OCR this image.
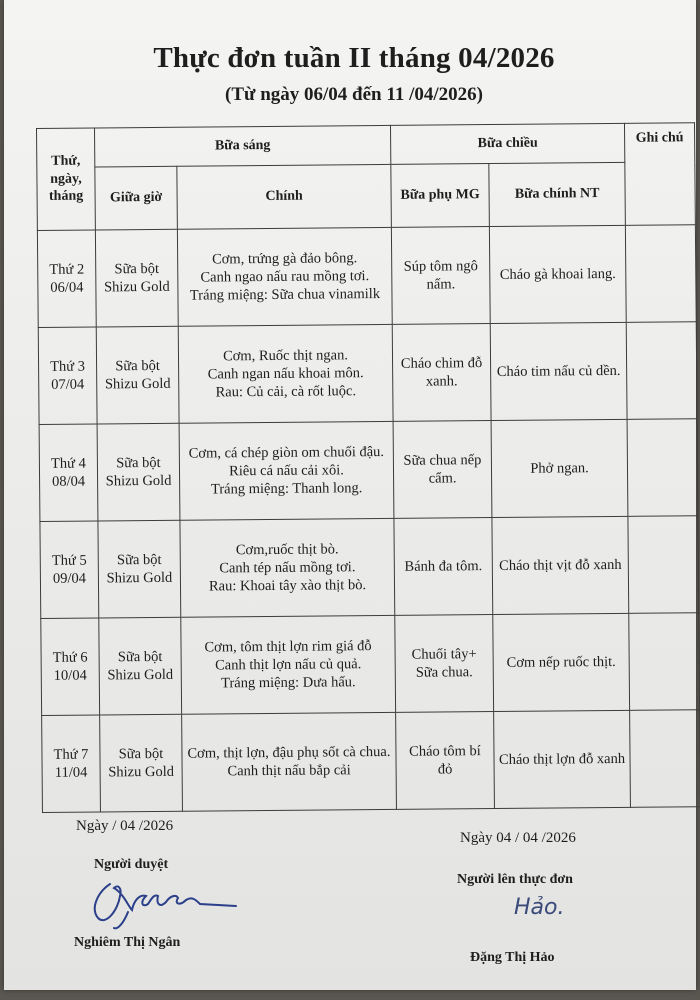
Thực đơn tuần II tháng 04/2026
(Từ ngày 06/04 đến 11 /04/2026)
Thứ, ngày, tháng	Bữa sáng		Bữa chiều		Ghi chú
	Giữa giờ	Chính	Bữa phụ MG	Bữa chính NT	
Thứ 2
06/04	Sữa bột Shizu Gold	Cơm, trứng gà đảo bông.
Canh ngao nấu rau mồng tơi.
Tráng miệng: Sữa chua vinamilk	Súp tôm ngô nấm.	Cháo gà khoai lang.	
Thứ 3
07/04	Sữa bột Shizu Gold	Cơm, Ruốc thịt ngan.
Canh ngan nấu khoai môn.
Rau: Củ cải, cà rốt luộc.	Cháo chim đỗ xanh.	Cháo tim nấu củ dền.	
Thứ 4
08/04	Sữa bột Shizu Gold	Cơm, cá chép giòn om chuối đậu.
Riêu cá nấu cải xôi.
Tráng miệng: Thanh long.	Sữa chua nếp cẩm.	Phở ngan.	
Thứ 5
09/04	Sữa bột Shizu Gold	Cơm,ruốc thịt bò.
Canh tép nấu mồng tơi.
Rau: Khoai tây xào thịt bò.	Bánh đa tôm.	Cháo thịt vịt đỗ xanh	
Thứ 6
10/04	Sữa bột Shizu Gold	Cơm, tôm thịt lợn rim giá đỗ
Canh thịt lợn nấu củ quả.
Tráng miệng: Dưa hấu.	Chuối tây+ Sữa chua.	Cơm nếp ruốc thịt.	
Thứ 7
11/04	Sữa bột Shizu Gold	Cơm, thịt lợn, đậu phụ sốt cà chua.
Canh thịt nấu bắp cải	Cháo tôm bí đỏ	Cháo thịt lợn đỗ xanh	
Ngày / 04 /2026
Ngày 04 / 04 /2026
Người duyệt
Người lên thực đơn
Hảo.
Nghiêm Thị Ngân
Đặng Thị Hảo
